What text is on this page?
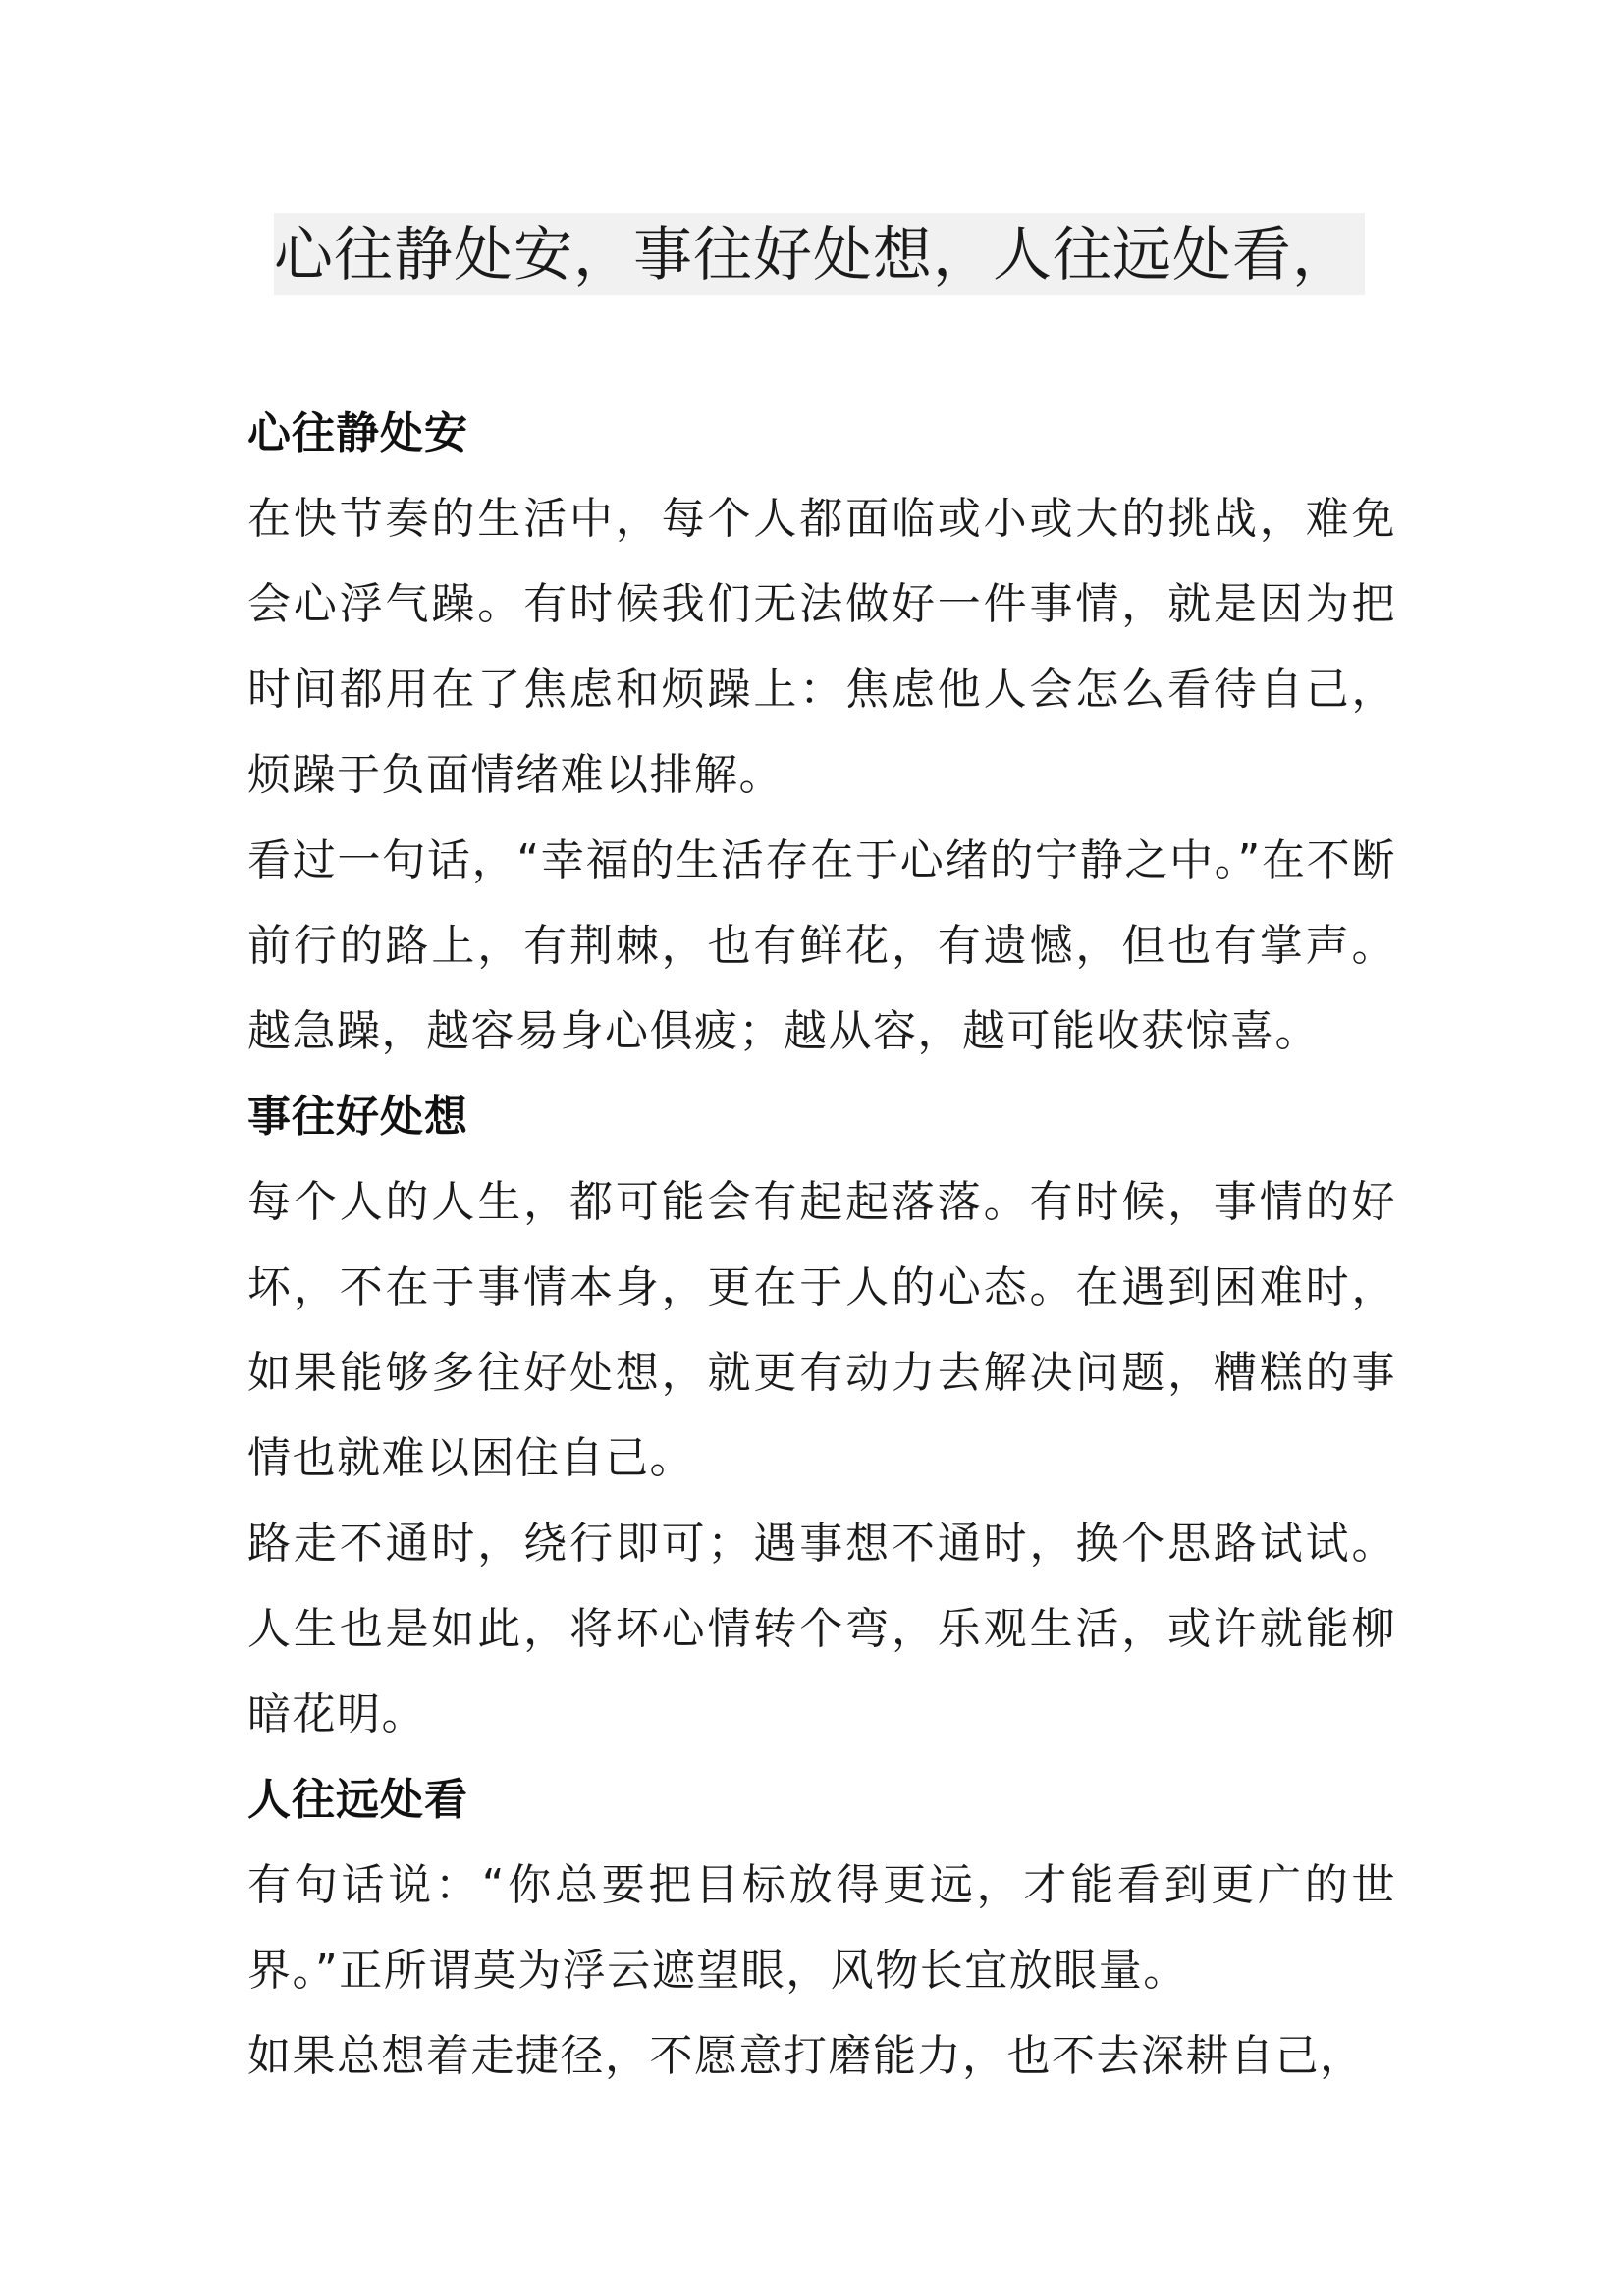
心往静处安，事往好处想，人往远处看，

心往静处安

在快节奏的生活中，每个人都面临或小或大的挑战，难免会心浮气躁。有时候我们无法做好一件事情，就是因为把时间都用在了焦虑和烦躁上：焦虑他人会怎么看待自己，烦躁于负面情绪难以排解。

看过一句话，“幸福的生活存在于心绪的宁静之中。”在不断前行的路上，有荆棘，也有鲜花，有遗憾，但也有掌声。越急躁，越容易身心俱疲；越从容，越可能收获惊喜。

事往好处想

每个人的人生，都可能会有起起落落。有时候，事情的好坏，不在于事情本身，更在于人的心态。在遇到困难时，如果能够多往好处想，就更有动力去解决问题，糟糕的事情也就难以困住自己。

路走不通时，绕行即可；遇事想不通时，换个思路试试。人生也是如此，将坏心情转个弯，乐观生活，或许就能柳暗花明。

人往远处看

有句话说：“你总要把目标放得更远，才能看到更广的世界。”正所谓莫为浮云遮望眼，风物长宜放眼量。

如果总想着走捷径，不愿意打磨能力，也不去深耕自己，
